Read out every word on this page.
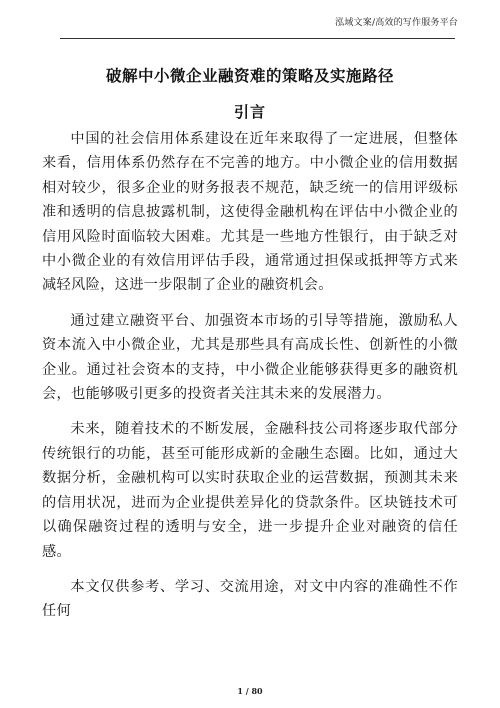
泓域文案/高效的写作服务平台
破解中小微企业融资难的策略及实施路径
引言

中国的社会信用体系建设在近年来取得了一定进展，但整体来看，信用体系仍然存在不完善的地方。中小微企业的信用数据相对较少，很多企业的财务报表不规范，缺乏统一的信用评级标准和透明的信息披露机制，这使得金融机构在评估中小微企业的信用风险时面临较大困难。尤其是一些地方性银行，由于缺乏对中小微企业的有效信用评估手段，通常通过担保或抵押等方式来减轻风险，这进一步限制了企业的融资机会。

通过建立融资平台、加强资本市场的引导等措施，激励私人资本流入中小微企业，尤其是那些具有高成长性、创新性的小微企业。通过社会资本的支持，中小微企业能够获得更多的融资机会，也能够吸引更多的投资者关注其未来的发展潜力。

未来，随着技术的不断发展，金融科技公司将逐步取代部分传统银行的功能，甚至可能形成新的金融生态圈。比如，通过大数据分析，金融机构可以实时获取企业的运营数据，预测其未来的信用状况，进而为企业提供差异化的贷款条件。区块链技术可以确保融资过程的透明与安全，进一步提升企业对融资的信任感。

本文仅供参考、学习、交流用途，对文中内容的准确性不作任何

1 / 80
